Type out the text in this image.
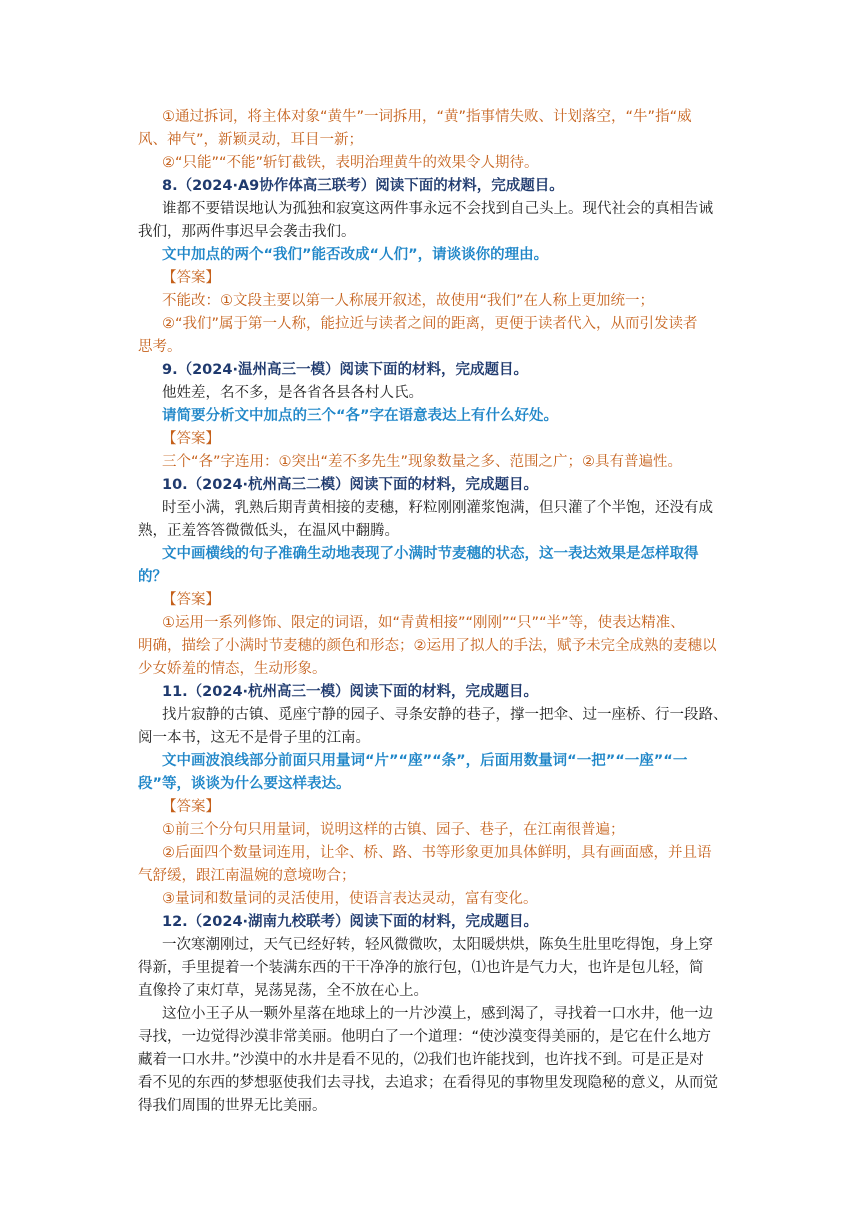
①通过拆词，将主体对象“黄牛”一词拆用，“黄”指事情失败、计划落空，“牛”指“威
风、神气”，新颖灵动，耳目一新；
②“只能”“不能”斩钉截铁，表明治理黄牛的效果令人期待。
8.（2024·A9协作体高三联考）阅读下面的材料，完成题目。
谁都不要错误地认为孤独和寂寞这两件事永远不会找到自己头上。现代社会的真相告诫
我们，那两件事迟早会袭击我们。
文中加点的两个“我们”能否改成“人们”，请谈谈你的理由。
【答案】
不能改：①文段主要以第一人称展开叙述，故使用“我们”在人称上更加统一；
②“我们”属于第一人称，能拉近与读者之间的距离，更便于读者代入，从而引发读者
思考。
9.（2024·温州高三一模）阅读下面的材料，完成题目。
他姓差，名不多，是各省各县各村人氏。
请简要分析文中加点的三个“各”字在语意表达上有什么好处。
【答案】
三个“各”字连用：①突出“差不多先生”现象数量之多、范围之广；②具有普遍性。
10.（2024·杭州高三二模）阅读下面的材料，完成题目。
时至小满，乳熟后期青黄相接的麦穗，籽粒刚刚灌浆饱满，但只灌了个半饱，还没有成
熟，正羞答答微微低头，在温风中翻腾。
文中画横线的句子准确生动地表现了小满时节麦穗的状态，这一表达效果是怎样取得
的？
【答案】
①运用一系列修饰、限定的词语，如“青黄相接”“刚刚”“只”“半”等，使表达精准、
明确，描绘了小满时节麦穗的颜色和形态；②运用了拟人的手法，赋予未完全成熟的麦穗以
少女娇羞的情态，生动形象。
11.（2024·杭州高三一模）阅读下面的材料，完成题目。
找片寂静的古镇、觅座宁静的园子、寻条安静的巷子，撑一把伞、过一座桥、行一段路、
阅一本书，这无不是骨子里的江南。
文中画波浪线部分前面只用量词“片”“座”“条”，后面用数量词“一把”“一座”“一
段”等，谈谈为什么要这样表达。
【答案】
①前三个分句只用量词，说明这样的古镇、园子、巷子，在江南很普遍；
②后面四个数量词连用，让伞、桥、路、书等形象更加具体鲜明，具有画面感，并且语
气舒缓，跟江南温婉的意境吻合；
③量词和数量词的灵活使用，使语言表达灵动，富有变化。
12.（2024·湖南九校联考）阅读下面的材料，完成题目。
一次寒潮刚过，天气已经好转，轻风微微吹，太阳暖烘烘，陈奂生肚里吃得饱，身上穿
得新，手里提着一个装满东西的干干净净的旅行包，⑴也许是气力大，也许是包儿轻，简
直像拎了束灯草，晃荡晃荡，全不放在心上。
这位小王子从一颗外星落在地球上的一片沙漠上，感到渴了，寻找着一口水井，他一边
寻找，一边觉得沙漠非常美丽。他明白了一个道理：“使沙漠变得美丽的，是它在什么地方
藏着一口水井。”沙漠中的水井是看不见的，⑵我们也许能找到，也许找不到。可是正是对
看不见的东西的梦想驱使我们去寻找，去追求；在看得见的事物里发现隐秘的意义，从而觉
得我们周围的世界无比美丽。
